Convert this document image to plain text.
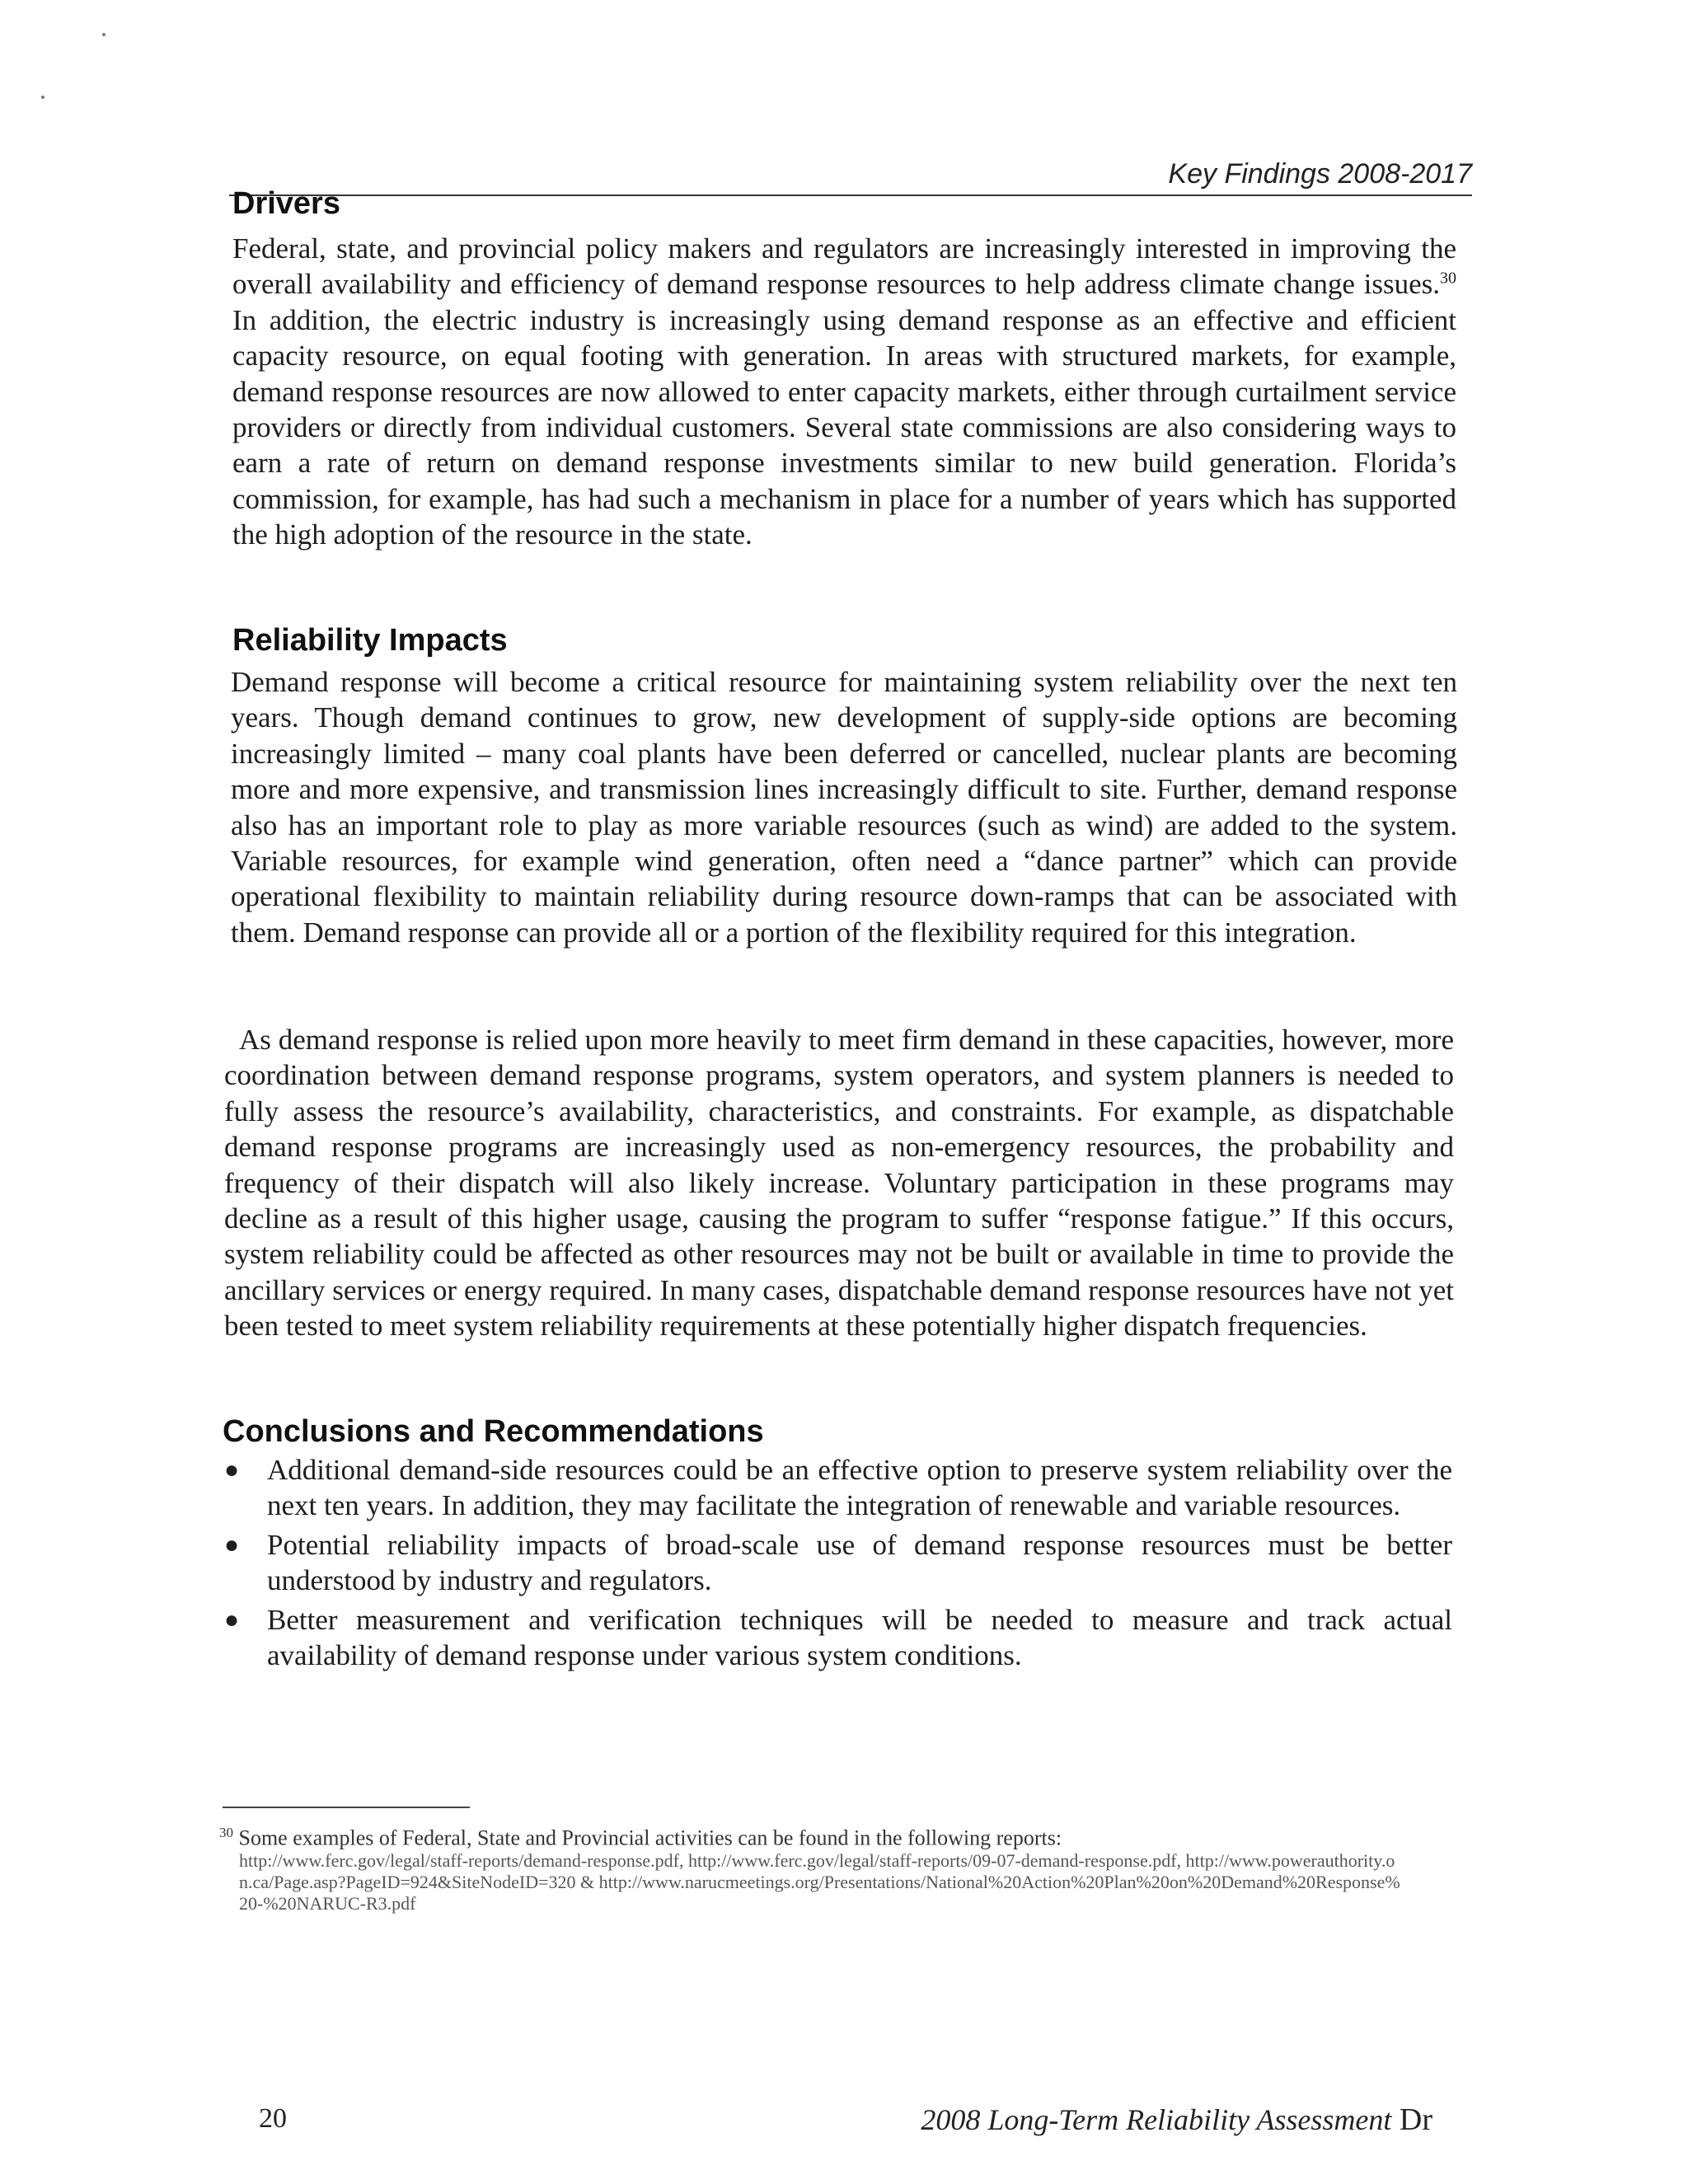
Key Findings 2008-2017
Drivers
Federal, state, and provincial policy makers and regulators are increasingly interested in improving the overall availability and efficiency of demand response resources to help address climate change issues.$^{30}$ In addition, the electric industry is increasingly using demand response as an effective and efficient capacity resource, on equal footing with generation. In areas with structured markets, for example, demand response resources are now allowed to enter capacity markets, either through curtailment service providers or directly from individual customers. Several state commissions are also considering ways to earn a rate of return on demand response investments similar to new build generation. Florida’s commission, for example, has had such a mechanism in place for a number of years which has supported the high adoption of the resource in the state.
Reliability Impacts
Demand response will become a critical resource for maintaining system reliability over the next ten years. Though demand continues to grow, new development of supply-side options are becoming increasingly limited – many coal plants have been deferred or cancelled, nuclear plants are becoming more and more expensive, and transmission lines increasingly difficult to site. Further, demand response also has an important role to play as more variable resources (such as wind) are added to the system. Variable resources, for example wind generation, often need a “dance partner” which can provide operational flexibility to maintain reliability during resource down-ramps that can be associated with them. Demand response can provide all or a portion of the flexibility required for this integration.
As demand response is relied upon more heavily to meet firm demand in these capacities, however, more coordination between demand response programs, system operators, and system planners is needed to fully assess the resource’s availability, characteristics, and constraints. For example, as dispatchable demand response programs are increasingly used as non-emergency resources, the probability and frequency of their dispatch will also likely increase. Voluntary participation in these programs may decline as a result of this higher usage, causing the program to suffer “response fatigue.” If this occurs, system reliability could be affected as other resources may not be built or available in time to provide the ancillary services or energy required. In many cases, dispatchable demand response resources have not yet been tested to meet system reliability requirements at these potentially higher dispatch frequencies.
Conclusions and Recommendations
● Additional demand-side resources could be an effective option to preserve system reliability over the next ten years. In addition, they may facilitate the integration of renewable and variable resources.
● Potential reliability impacts of broad-scale use of demand response resources must be better understood by industry and regulators.
● Better measurement and verification techniques will be needed to measure and track actual availability of demand response under various system conditions.
$^{30}$ Some examples of Federal, State and Provincial activities can be found in the following reports:
http://www.ferc.gov/legal/staff-reports/demand-response.pdf, http://www.ferc.gov/legal/staff-reports/09-07-demand-response.pdf, http://www.powerauthority.on.ca/Page.asp?PageID=924&SiteNodeID=320 & http://www.narucmeetings.org/Presentations/National%20Action%20Plan%20on%20Demand%20Response%20-%20NARUC-R3.pdf
20	2008 Long-Term Reliability Assessment Dr
